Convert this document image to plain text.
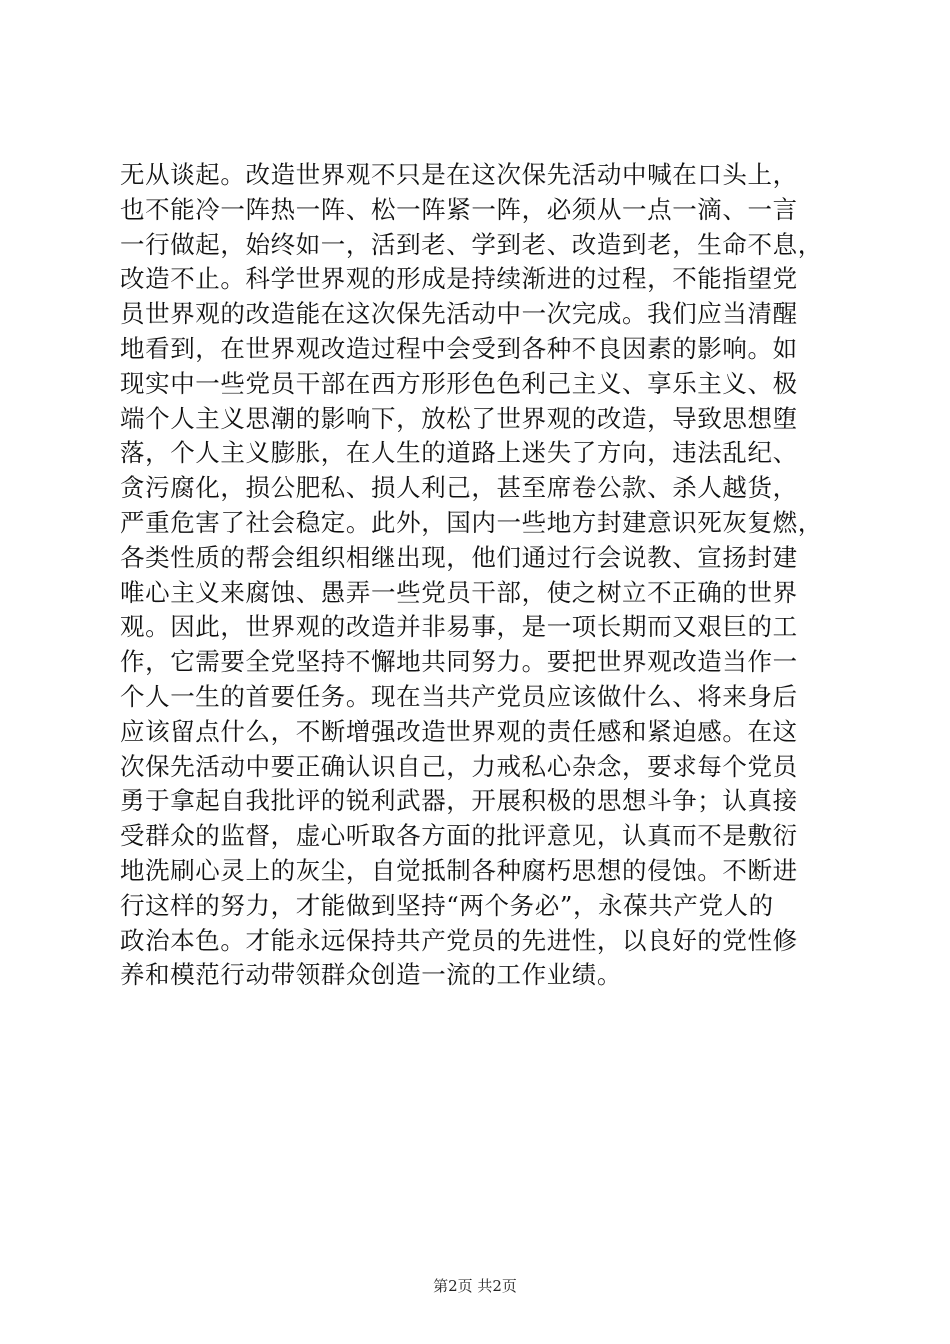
无从谈起。改造世界观不只是在这次保先活动中喊在口头上，
也不能冷一阵热一阵、松一阵紧一阵，必须从一点一滴、一言
一行做起，始终如一，活到老、学到老、改造到老，生命不息，
改造不止。科学世界观的形成是持续渐进的过程，不能指望党
员世界观的改造能在这次保先活动中一次完成。我们应当清醒
地看到，在世界观改造过程中会受到各种不良因素的影响。如
现实中一些党员干部在西方形形色色利己主义、享乐主义、极
端个人主义思潮的影响下，放松了世界观的改造，导致思想堕
落，个人主义膨胀，在人生的道路上迷失了方向，违法乱纪、
贪污腐化，损公肥私、损人利己，甚至席卷公款、杀人越货，
严重危害了社会稳定。此外，国内一些地方封建意识死灰复燃，
各类性质的帮会组织相继出现，他们通过行会说教、宣扬封建
唯心主义来腐蚀、愚弄一些党员干部，使之树立不正确的世界
观。因此，世界观的改造并非易事，是一项长期而又艰巨的工
作，它需要全党坚持不懈地共同努力。要把世界观改造当作一
个人一生的首要任务。现在当共产党员应该做什么、将来身后
应该留点什么，不断增强改造世界观的责任感和紧迫感。在这
次保先活动中要正确认识自己，力戒私心杂念，要求每个党员
勇于拿起自我批评的锐利武器，开展积极的思想斗争；认真接
受群众的监督，虚心听取各方面的批评意见，认真而不是敷衍
地洗刷心灵上的灰尘，自觉抵制各种腐朽思想的侵蚀。不断进
行这样的努力，才能做到坚持“两个务必”，永葆共产党人的
政治本色。才能永远保持共产党员的先进性，以良好的党性修
养和模范行动带领群众创造一流的工作业绩。
第2页 共2页
